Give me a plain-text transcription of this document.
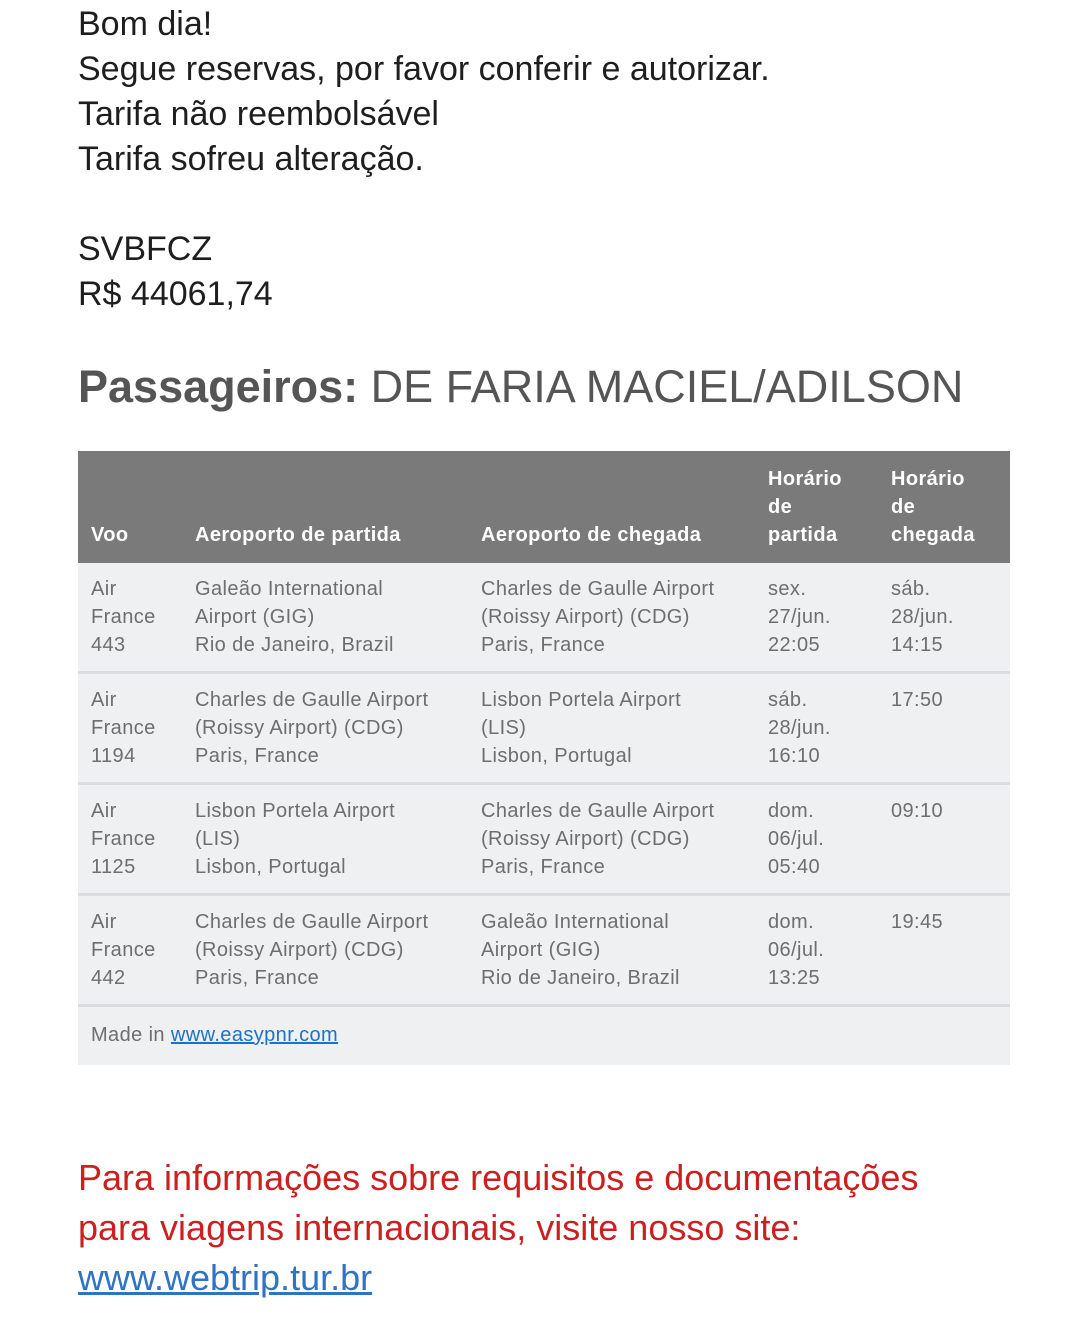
Bom dia!

Segue reservas, por favor conferir e autorizar.

Tarifa não reembolsável

Tarifa sofreu alteração.

SVBFCZ

R$ 44061,74

Passageiros: DE FARIA MACIEL/ADILSON
Voo	Aeroporto de partida	Aeroporto de chegada	Horário
de
partida	Horário
de
chegada

Air
France
443	Galeão International
Airport (GIG)
Rio de Janeiro, Brazil	Charles de Gaulle Airport
(Roissy Airport) (CDG)
Paris, France	sex.
27/jun.
22:05	sáb.
28/jun.
14:15

Air
France
1194	Charles de Gaulle Airport
(Roissy Airport) (CDG)
Paris, France	Lisbon Portela Airport
(LIS)
Lisbon, Portugal	sáb.
28/jun.
16:10	17:50

Air
France
1125	Lisbon Portela Airport
(LIS)
Lisbon, Portugal	Charles de Gaulle Airport
(Roissy Airport) (CDG)
Paris, France	dom.
06/jul.
05:40	09:10

Air
France
442	Charles de Gaulle Airport
(Roissy Airport) (CDG)
Paris, France	Galeão International
Airport (GIG)
Rio de Janeiro, Brazil	dom.
06/jul.
13:25	19:45

Made in www.easypnr.com				

Para informações sobre requisitos e documentações

para viagens internacionais, visite nosso site:

www.webtrip.tur.br
